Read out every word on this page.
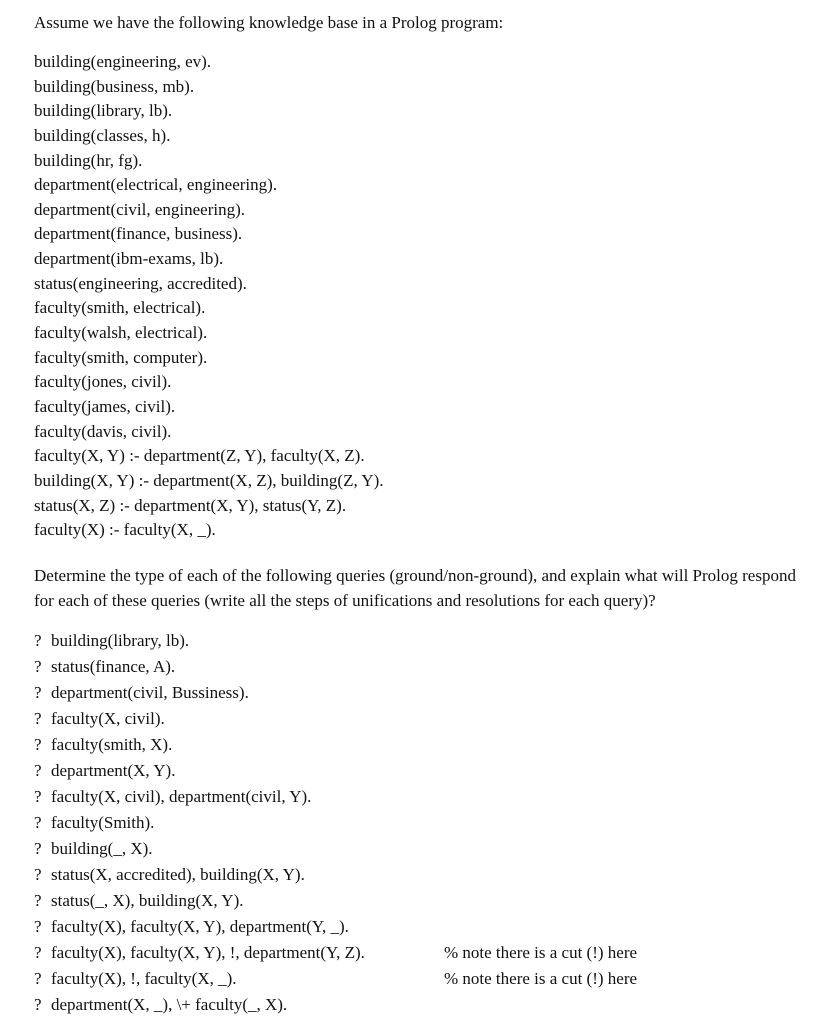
Assume we have the following knowledge base in a Prolog program:

building(engineering, ev).
building(business, mb).
building(library, lb).
building(classes, h).
building(hr, fg).
department(electrical, engineering).
department(civil, engineering).
department(finance, business).
department(ibm-exams, lb).
status(engineering, accredited).
faculty(smith, electrical).
faculty(walsh, electrical).
faculty(smith, computer).
faculty(jones, civil).
faculty(james, civil).
faculty(davis, civil).
faculty(X, Y) :- department(Z, Y), faculty(X, Z).
building(X, Y) :- department(X, Z), building(Z, Y).
status(X, Z) :- department(X, Y), status(Y, Z).
faculty(X) :- faculty(X, _).

Determine the type of each of the following queries (ground/non-ground), and explain what will Prolog respond for each of these queries (write all the steps of unifications and resolutions for each query)?

? building(library, lb).
? status(finance, A).
? department(civil, Bussiness).
? faculty(X, civil).
? faculty(smith, X).
? department(X, Y).
? faculty(X, civil), department(civil, Y).
? faculty(Smith).
? building(_, X).
? status(X, accredited), building(X, Y).
? status(_, X), building(X, Y).
? faculty(X), faculty(X, Y), department(Y, _).
? faculty(X), faculty(X, Y), !, department(Y, Z).	% note there is a cut (!) here
? faculty(X), !, faculty(X, _).	% note there is a cut (!) here
? department(X, _), \+ faculty(_, X).
